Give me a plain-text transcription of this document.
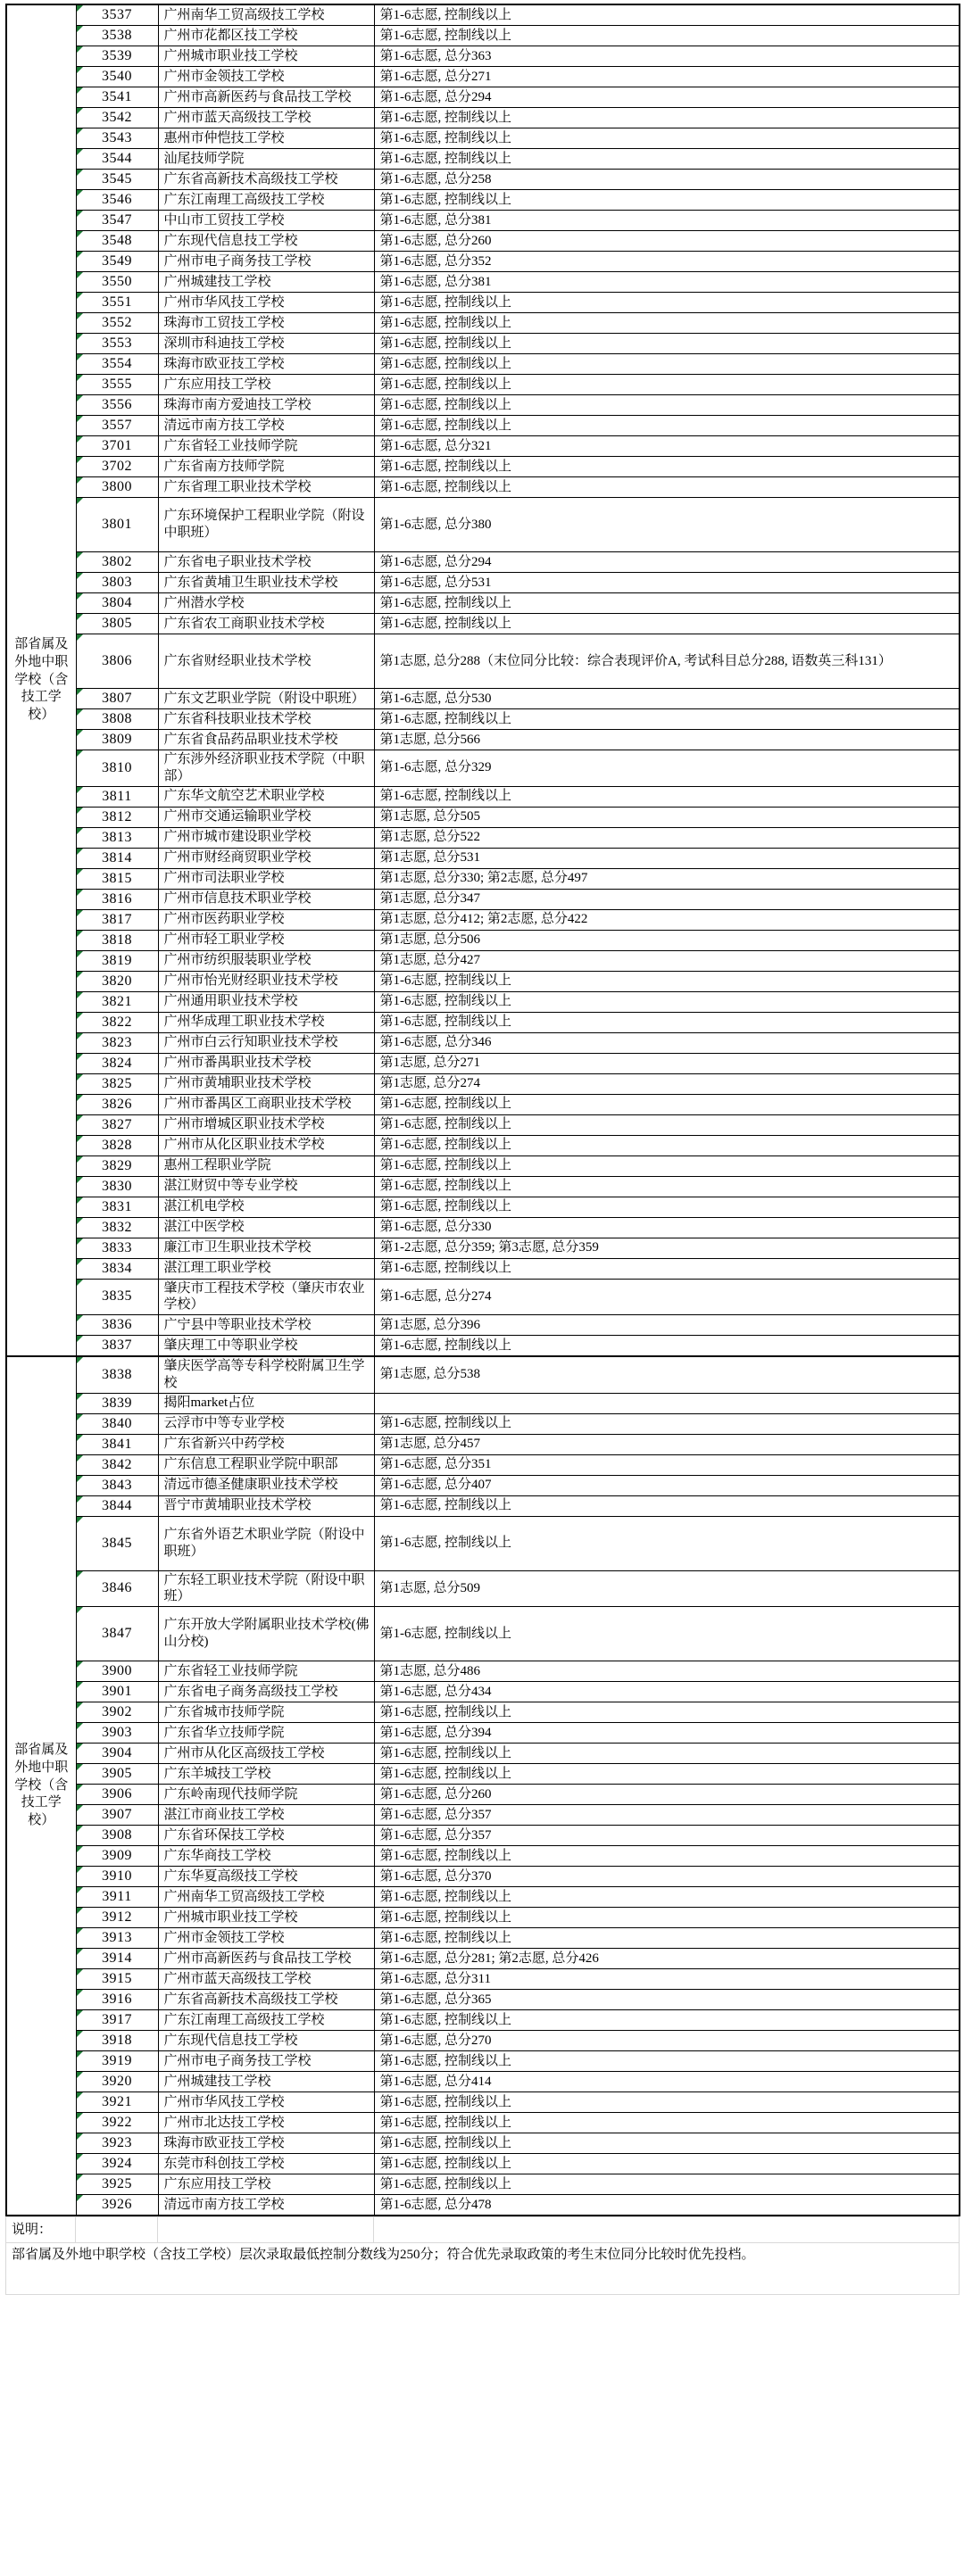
部省属及外地中职学校（含技工学校）	3537	广州南华工贸高级技工学校	第1-6志愿, 控制线以上
	3538	广州市花都区技工学校	第1-6志愿, 控制线以上
	3539	广州城市职业技工学校	第1-6志愿, 总分363
	3540	广州市金领技工学校	第1-6志愿, 总分271
	3541	广州市高新医药与食品技工学校	第1-6志愿, 总分294
	3542	广州市蓝天高级技工学校	第1-6志愿, 控制线以上
	3543	惠州市仲恺技工学校	第1-6志愿, 控制线以上
	3544	汕尾技师学院	第1-6志愿, 控制线以上
	3545	广东省高新技术高级技工学校	第1-6志愿, 总分258
	3546	广东江南理工高级技工学校	第1-6志愿, 控制线以上
	3547	中山市工贸技工学校	第1-6志愿, 总分381
	3548	广东现代信息技工学校	第1-6志愿, 总分260
	3549	广州市电子商务技工学校	第1-6志愿, 总分352
	3550	广州城建技工学校	第1-6志愿, 总分381
	3551	广州市华风技工学校	第1-6志愿, 控制线以上
	3552	珠海市工贸技工学校	第1-6志愿, 控制线以上
	3553	深圳市科迪技工学校	第1-6志愿, 控制线以上
	3554	珠海市欧亚技工学校	第1-6志愿, 控制线以上
	3555	广东应用技工学校	第1-6志愿, 控制线以上
	3556	珠海市南方爱迪技工学校	第1-6志愿, 控制线以上
	3557	清远市南方技工学校	第1-6志愿, 控制线以上
	3701	广东省轻工业技师学院	第1-6志愿, 总分321
	3702	广东省南方技师学院	第1-6志愿, 控制线以上
	3800	广东省理工职业技术学校	第1-6志愿, 控制线以上
	3801	广东环境保护工程职业学院（附设中职班）	第1-6志愿, 总分380
	3802	广东省电子职业技术学校	第1-6志愿, 总分294
	3803	广东省黄埔卫生职业技术学校	第1-6志愿, 总分531
	3804	广州潜水学校	第1-6志愿, 控制线以上
	3805	广东省农工商职业技术学校	第1-6志愿, 控制线以上
	3806	广东省财经职业技术学校	第1志愿, 总分288（末位同分比较：综合表现评价A, 考试科目总分288, 语数英三科131）
	3807	广东文艺职业学院（附设中职班）	第1-6志愿, 总分530
	3808	广东省科技职业技术学校	第1-6志愿, 控制线以上
	3809	广东省食品药品职业技术学校	第1志愿, 总分566
	3810	广东涉外经济职业技术学院（中职部）	第1-6志愿, 总分329
	3811	广东华文航空艺术职业学校	第1-6志愿, 控制线以上
	3812	广州市交通运输职业学校	第1志愿, 总分505
	3813	广州市城市建设职业学校	第1志愿, 总分522
	3814	广州市财经商贸职业学校	第1志愿, 总分531
	3815	广州市司法职业学校	第1志愿, 总分330; 第2志愿, 总分497
	3816	广州市信息技术职业学校	第1志愿, 总分347
	3817	广州市医药职业学校	第1志愿, 总分412; 第2志愿, 总分422
	3818	广州市轻工职业学校	第1志愿, 总分506
	3819	广州市纺织服装职业学校	第1志愿, 总分427
	3820	广州市怡光财经职业技术学校	第1-6志愿, 控制线以上
	3821	广州通用职业技术学校	第1-6志愿, 控制线以上
	3822	广州华成理工职业技术学校	第1-6志愿, 控制线以上
	3823	广州市白云行知职业技术学校	第1-6志愿, 总分346
	3824	广州市番禺职业技术学校	第1志愿, 总分271
	3825	广州市黄埔职业技术学校	第1志愿, 总分274
	3826	广州市番禺区工商职业技术学校	第1-6志愿, 控制线以上
	3827	广州市增城区职业技术学校	第1-6志愿, 控制线以上
	3828	广州市从化区职业技术学校	第1-6志愿, 控制线以上
	3829	惠州工程职业学院	第1-6志愿, 控制线以上
	3830	湛江财贸中等专业学校	第1-6志愿, 控制线以上
	3831	湛江机电学校	第1-6志愿, 控制线以上
	3832	湛江中医学校	第1-6志愿, 总分330
	3833	廉江市卫生职业技术学校	第1-2志愿, 总分359; 第3志愿, 总分359
	3834	湛江理工职业学校	第1-6志愿, 控制线以上
	3835	肇庆市工程技术学校（肇庆市农业学校）	第1-6志愿, 总分274
	3836	广宁县中等职业技术学校	第1志愿, 总分396
	3837	肇庆理工中等职业学校	第1-6志愿, 控制线以上
部省属及外地中职学校（含技工学校）	3838	肇庆医学高等专科学校附属卫生学校	第1志愿, 总分538
	3839	揭阳market占位	
	3840	云浮市中等专业学校	第1-6志愿, 控制线以上
	3841	广东省新兴中药学校	第1志愿, 总分457
	3842	广东信息工程职业学院中职部	第1-6志愿, 总分351
	3843	清远市德圣健康职业技术学校	第1-6志愿, 总分407
	3844	晋宁市黄埔职业技术学校	第1-6志愿, 控制线以上
	3845	广东省外语艺术职业学院（附设中职班）	第1-6志愿, 控制线以上
	3846	广东轻工职业技术学院（附设中职班）	第1志愿, 总分509
	3847	广东开放大学附属职业技术学校(佛山分校)	第1-6志愿, 控制线以上
	3900	广东省轻工业技师学院	第1志愿, 总分486
	3901	广东省电子商务高级技工学校	第1-6志愿, 总分434
	3902	广东省城市技师学院	第1-6志愿, 控制线以上
	3903	广东省华立技师学院	第1-6志愿, 总分394
	3904	广州市从化区高级技工学校	第1-6志愿, 控制线以上
	3905	广东羊城技工学校	第1-6志愿, 控制线以上
	3906	广东岭南现代技师学院	第1-6志愿, 总分260
	3907	湛江市商业技工学校	第1-6志愿, 总分357
	3908	广东省环保技工学校	第1-6志愿, 总分357
	3909	广东华商技工学校	第1-6志愿, 控制线以上
	3910	广东华夏高级技工学校	第1-6志愿, 总分370
	3911	广州南华工贸高级技工学校	第1-6志愿, 控制线以上
	3912	广州城市职业技工学校	第1-6志愿, 控制线以上
	3913	广州市金领技工学校	第1-6志愿, 控制线以上
	3914	广州市高新医药与食品技工学校	第1-6志愿, 总分281; 第2志愿, 总分426
	3915	广州市蓝天高级技工学校	第1-6志愿, 总分311
	3916	广东省高新技术高级技工学校	第1-6志愿, 总分365
	3917	广东江南理工高级技工学校	第1-6志愿, 控制线以上
	3918	广东现代信息技工学校	第1-6志愿, 总分270
	3919	广州市电子商务技工学校	第1-6志愿, 控制线以上
	3920	广州城建技工学校	第1-6志愿, 总分414
	3921	广州市华风技工学校	第1-6志愿, 控制线以上
	3922	广州市北达技工学校	第1-6志愿, 控制线以上
	3923	珠海市欧亚技工学校	第1-6志愿, 控制线以上
	3924	东莞市科创技工学校	第1-6志愿, 控制线以上
	3925	广东应用技工学校	第1-6志愿, 控制线以上
	3926	清远市南方技工学校	第1-6志愿, 总分478
说明：			
部省属及外地中职学校（含技工学校）层次录取最低控制分数线为250分；符合优先录取政策的考生末位同分比较时优先投档。
